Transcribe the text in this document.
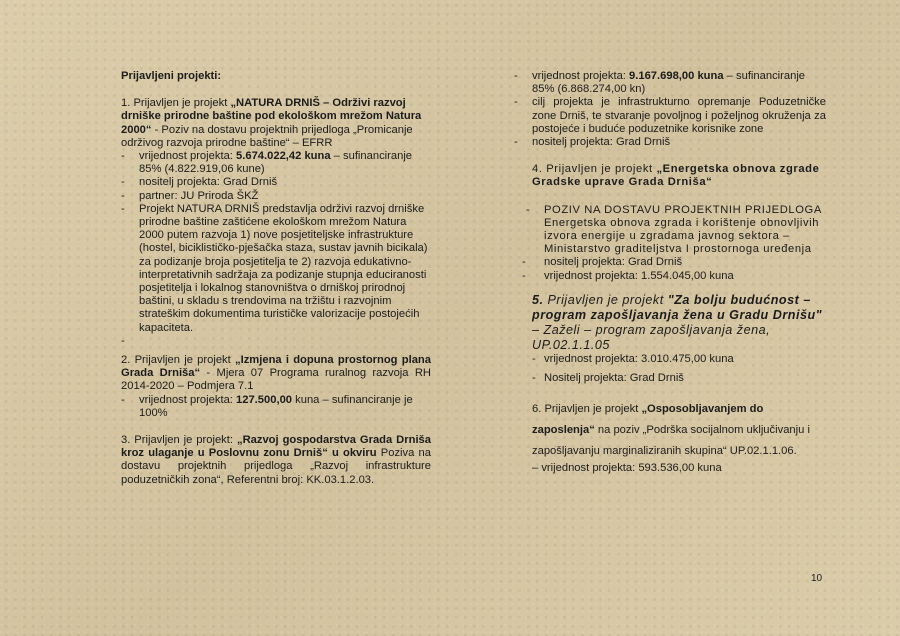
Prijavljeni projekti:

1. Prijavljen je projekt „NATURA DRNIŠ – Održivi razvoj drniške prirodne baštine pod ekološkom mrežom Natura 2000“ - Poziv na dostavu projektnih prijedloga „Promicanje održivog razvoja prirodne baštine“ – EFRR

- vrijednost projekta: 5.674.022,42 kuna – sufinanciranje 85% (4.822.919,06 kune)
- nositelj projekta: Grad Drniš
- partner: JU Priroda ŠKŽ
- Projekt NATURA DRNIŠ predstavlja održivi razvoj drniške prirodne baštine zaštićene ekološkom mrežom Natura 2000 putem razvoja 1) nove posjetiteljske infrastrukture (hostel, biciklističko-pješačka staza, sustav javnih bicikala) za podizanje broja posjetitelja te 2) razvoja edukativno-interpretativnih sadržaja za podizanje stupnja educiranosti posjetitelja i lokalnog stanovništva o drniškoj prirodnoj baštini, u skladu s trendovima na tržištu i razvojnim strateškim dokumentima turističke valorizacije postojećih kapaciteta.
-

2. Prijavljen je projekt „Izmjena i dopuna prostornog plana Grada Drniša“ - Mjera 07 Programa ruralnog razvoja RH 2014-2020 – Podmjera 7.1

- vrijednost projekta: 127.500,00 kuna – sufinanciranje je 100%

3. Prijavljen je projekt: „Razvoj gospodarstva Grada Drniša kroz ulaganje u Poslovnu zonu Drniš“ u okviru Poziva na dostavu projektnih prijedloga „Razvoj infrastrukture poduzetničkih zona“, Referentni broj: KK.03.1.2.03.

- vrijednost projekta: 9.167.698,00 kuna – sufinanciranje 85% (6.868.274,00 kn)
- cilj projekta je infrastrukturno opremanje Poduzetničke zone Drniš, te stvaranje povoljnog i poželjnog okruženja za postojeće i buduće poduzetnike korisnike zone
- nositelj projekta: Grad Drniš

4. Prijavljen je projekt „Energetska obnova zgrade Gradske uprave Grada Drniša“

- POZIV NA DOSTAVU PROJEKTNIH PRIJEDLOGA Energetska obnova zgrada i korištenje obnovljivih izvora energije u zgradama javnog sektora – Ministarstvo graditeljstva I prostornoga uređenja
- nositelj projekta: Grad Drniš
- vrijednost projekta: 1.554.045,00 kuna

5. Prijavljen je projekt "Za bolju budućnost – program zapošljavanja žena u Gradu Drnišu" – Zaželi – program zapošljavanja žena, UP.02.1.1.05

- vrijednost projekta: 3.010.475,00 kuna
- Nositelj projekta: Grad Drniš

6. Prijavljen je projekt „Osposobljavanjem do zaposlenja“ na poziv „Podrška socijalnom uključivanju i zapošljavanju marginaliziranih skupina“ UP.02.1.1.06.

– vrijednost projekta: 593.536,00 kuna

10
